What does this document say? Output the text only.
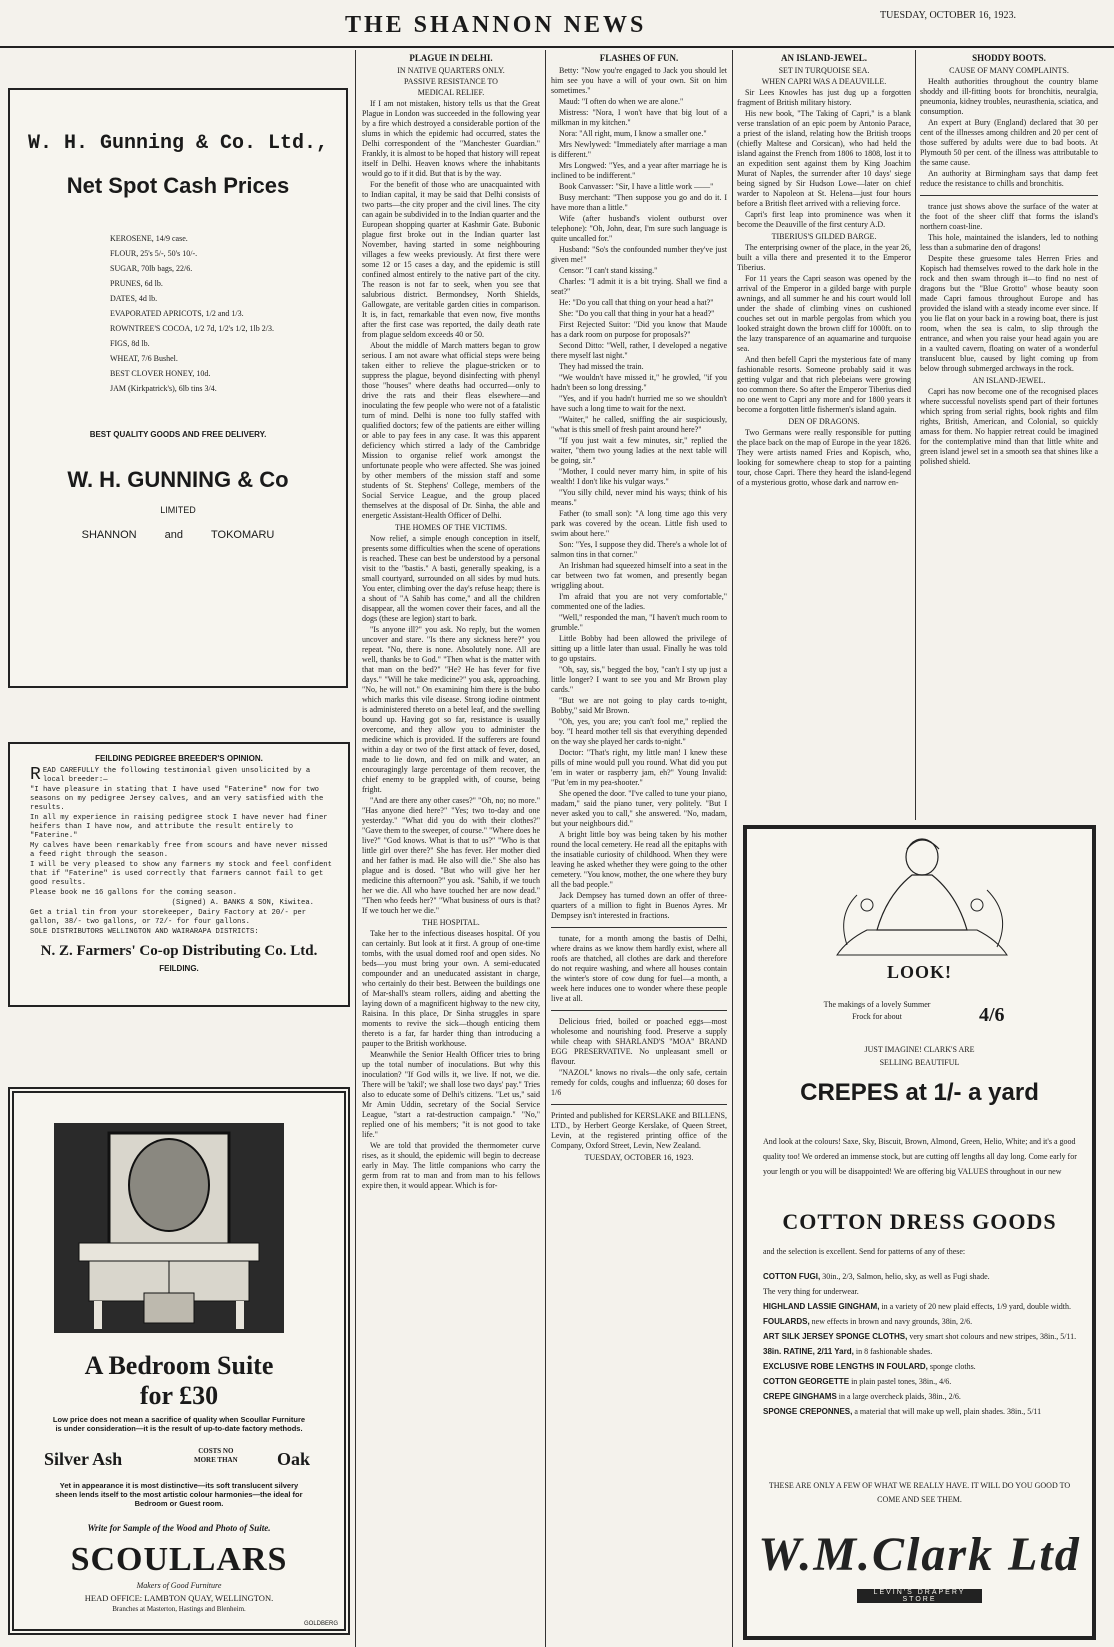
THE SHANNON NEWS	TUESDAY, OCTOBER 16, 1923.
W. H. Gunning & Co. Ltd.,
Net Spot Cash Prices
KEROSENE, 14/9 case.
FLOUR, 25's 5/-, 50's 10/-.
SUGAR, 70lb bags, 22/6.
PRUNES, 6d lb.
DATES, 4d lb.
EVAPORATED APRICOTS, 1/2 and 1/3.
ROWNTREE'S COCOA, 1/2 7d, 1/2's 1/2, 1lb 2/3.
FIGS, 8d lb.
WHEAT, 7/6 Bushel.
BEST CLOVER HONEY, 10d.
JAM (Kirkpatrick's), 6lb tins 3/4.
BEST QUALITY GOODS AND FREE DELIVERY.
W. H. GUNNING & Co
LIMITED
SHANNON	and	TOKOMARU
FEILDING PEDIGREE BREEDER'S OPINION.
READ CAREFULLY the following testimonial given unsolicited by a local breeder:—
"I have pleasure in stating that I have used "Faterine" now for two seasons on my pedigree Jersey calves, and am very satisfied with the results.
In all my experience in raising pedigree stock I have never had finer heifers than I have now, and attribute the result entirely to "Faterine."
My calves have been remarkably free from scours and have never missed a feed right through the season.
I will be very pleased to show any farmers my stock and feel confident that if "Faterine" is used correctly that farmers cannot fail to get good results.
Please book me 16 gallons for the coming season.
(Signed) A. BANKS & SON, Kiwitea.
Get a trial tin from your storekeeper, Dairy Factory at 20/- per gallon, 38/- two gallons, or 72/- for four gallons.
SOLE DISTRIBUTORS WELLINGTON AND WAIRARAPA DISTRICTS:
N. Z. Farmers' Co-op Distributing Co. Ltd.
FEILDING.
A Bedroom Suite
for £30
Low price does not mean a sacrifice of quality when Scoullar Furniture is under consideration—it is the result of up-to-date factory methods.
Silver Ash	COSTS NO
MORE THAN Oak
Yet in appearance it is most distinctive—its soft translucent silvery sheen lends itself to the most artistic colour harmonies—the ideal for Bedroom or Guest room.
Write for Sample of the Wood and Photo of Suite.
SCOULLARS
Makers of Good Furniture
HEAD OFFICE: LAMBTON QUAY, WELLINGTON.
Branches at Masterton, Hastings and Blenheim.
GOLDBERG
PLAGUE IN DELHI.
IN NATIVE QUARTERS ONLY.
PASSIVE RESISTANCE TO
MEDICAL RELIEF.

If I am not mistaken, history tells us that the Great Plague in London was succeeded in the following year by a fire which destroyed a considerable portion of the slums in which the epidemic had occurred, states the Delhi correspondent of the "Manchester Guardian." Frankly, it is almost to be hoped that history will repeat itself in Delhi. Heaven knows where the inhabitants would go to if it did. But that is by the way.

For the benefit of those who are unacquainted with to Indian capital, it may be said that Delhi consists of two parts—the city proper and the civil lines. The city can again be subdivided in to the Indian quarter and the European shopping quarter at Kashmir Gate. Bubonic plague first broke out in the Indian quarter last November, having started in some neighbouring villages a few weeks previously. At first there were some 12 or 15 cases a day, and the epidemic is still confined almost entirely to the native part of the city. The reason is not far to seek, when you see that salubrious district. Bermondsey, North Shields, Gallowgate, are veritable garden cities in comparison. It is, in fact, remarkable that even now, five months after the first case was reported, the daily death rate from plague seldom exceeds 40 or 50.

About the middle of March matters began to grow serious. I am not aware what official steps were being taken either to relieve the plague-stricken or to suppress the plague, beyond disinfecting with phenyl those "houses" where deaths had occurred—only to drive the rats and their fleas elsewhere—and inoculating the few people who were not of a fatalistic turn of mind. Delhi is none too fully staffed with qualified doctors; few of the patients are either willing or able to pay fees in any case. It was this apparent deficiency which stirred a lady of the Cambridge Mission to organise relief work amongst the unfortunate people who were affected. She was joined by other members of the mission staff and some students of St. Stephens' College, members of the Social Service League, and the group placed themselves at the disposal of Dr. Sinha, the able and energetic Assistant-Health Officer of Delhi.

THE HOMES OF THE VICTIMS.

Now relief, a simple enough conception in itself, presents some difficulties when the scene of operations is reached. These can best be understood by a personal visit to the "bastis." A basti, generally speaking, is a small courtyard, surrounded on all sides by mud huts. You enter, climbing over the day's refuse heap; there is a shout of "A Sahib has come," and all the children disappear, all the women cover their faces, and all the dogs (these are legion) start to bark.

"Is anyone ill?" you ask. No reply, but the women uncover and stare. "Is there any sickness here?" you repeat. "No, there is none. Absolutely none. All are well, thanks be to God." "Then what is the matter with that man on the bed?" "He? He has fever for five days." "Will he take medicine?" you ask, approaching. "No, he will not." On examining him there is the bubo which marks this vile disease. Strong iodine ointment is administered thereto on a betel leaf, and the swelling bound up. Having got so far, resistance is usually overcome, and they allow you to administer the medicine which is provided. If the sufferers are found within a day or two of the first attack of fever, dosed, made to lie down, and fed on milk and water, an encouragingly large percentage of them recover, the chief enemy to be grappled with, of course, being fright.

"And are there any other cases?" "Oh, no; no more." "Has anyone died here?" "Yes; two to-day and one yesterday." "What did you do with their clothes?" "Gave them to the sweeper, of course." "Where does he live?" "God knows. What is that to us?" "Who is that little girl over there?" She has fever. Her mother died and her father is mad. He also will die." She also has plague and is dosed. "But who will give her her medicine this afternoon?" you ask. "Sahib, if we touch her we die. All who have touched her are now dead." "Then who feeds her?" "What business of ours is that? If we touch her we die."

THE HOSPITAL.

Take her to the infectious diseases hospital. Of you can certainly. But look at it first. A group of one-time tombs, with the usual domed roof and open sides. No beds—you must bring your own. A semi-educated compounder and an uneducated assistant in charge, who certainly do their best. Between the buildings one of Mar-shall's steam rollers, aiding and abetting the laying down of a magnificent highway to the new city, Raisina. In this place, Dr Sinha struggles in spare moments to revive the sick—though enticing them thereto is a far, far harder thing than introducing a pauper to the British workhouse.

Meanwhile the Senior Health Officer tries to bring up the total number of inoculations. But why this inoculation? "If God wills it, we live. If not, we die. There will be 'takil'; we shall lose two days' pay." Tries also to educate some of Delhi's citizens. "Let us," said Mr Amin Uddin, secretary of the Social Service League, "start a rat-destruction campaign." "No," replied one of his members; "it is not good to take life."

We are told that provided the thermometer curve rises, as it should, the epidemic will begin to decrease early in May. The little companions who carry the germ from rat to man and from man to his fellows expire then, it would appear. Which is for-

FLASHES OF FUN.

Betty: "Now you're engaged to Jack you should let him see you have a will of your own. Sit on him sometimes."

Maud: "I often do when we are alone."

Mistress: "Nora, I won't have that big lout of a milkman in my kitchen."

Nora: "All right, mum, I know a smaller one."

Mrs Newlywed: "Immediately after marriage a man is different."

Mrs Longwed: "Yes, and a year after marriage he is inclined to be indifferent."

Book Canvasser: "Sir, I have a little work ——"

Busy merchant: "Then suppose you go and do it. I have more than a little."

Wife (after husband's violent outburst over telephone): "Oh, John, dear, I'm sure such language is quite uncalled for."

Husband: "So's the confounded number they've just given me!"

Censor: "I can't stand kissing."

Charles: "I admit it is a bit trying. Shall we find a seat?"

He: "Do you call that thing on your head a hat?"

She: "Do you call that thing in your hat a head?"

First Rejected Suitor: "Did you know that Maude has a dark room on purpose for proposals?"

Second Ditto: "Well, rather, I developed a negative there myself last night."

They had missed the train.

"We wouldn't have missed it," he growled, "if you hadn't been so long dressing."

"Yes, and if you hadn't hurried me so we shouldn't have such a long time to wait for the next.

"Waiter," he called, sniffing the air suspiciously, "what is this smell of fresh paint around here?"

"If you just wait a few minutes, sir," replied the waiter, "them two young ladies at the next table will be going, sir."

"Mother, I could never marry him, in spite of his wealth! I don't like his vulgar ways."

"You silly child, never mind his ways; think of his means."

Father (to small son): "A long time ago this very park was covered by the ocean. Little fish used to swim about here."

Son: "Yes, I suppose they did. There's a whole lot of salmon tins in that corner."

An Irishman had squeezed himself into a seat in the car between two fat women, and presently began wriggling about.

I'm afraid that you are not very comfortable," commented one of the ladies.

"Well," responded the man, "I haven't much room to grumble."

Little Bobby had been allowed the privilege of sitting up a little later than usual. Finally he was told to go upstairs.

"Oh, say, sis," begged the boy, "can't I sty up just a little longer? I want to see you and Mr Brown play cards."

"But we are not going to play cards to-night, Bobby," said Mr Brown.

"Oh, yes, you are; you can't fool me," replied the boy. "I heard mother tell sis that everything depended on the way she played her cards to-night."

Doctor: "That's right, my little man! I knew these pills of mine would pull you round. What did you put 'em in water or raspberry jam, eh?" Young Invalid: "Put 'em in my pea-shooter."

She opened the door. "I've called to tune your piano, madam," said the piano tuner, very politely. "But I never asked you to call," she answered. "No, madam, but your neighbours did."

A bright little boy was being taken by his mother round the local cemetery. He read all the epitaphs with the insatiable curiosity of childhood. When they were leaving he asked whether they were going to the other cemetery. "You know, mother, the one where they bury all the bad people."

Jack Dempsey has turned down an offer of three-quarters of a million to fight in Buenos Ayres. Mr Dempsey isn't interested in fractions.

tunate, for a month among the bastis of Delhi, where drains as we know them hardly exist, where all roofs are thatched, all clothes are dark and therefore do not require washing, and where all houses contain the winter's store of cow dung for fuel—a month, a week here induces one to wonder where these people live at all.

Delicious fried, boiled or poached eggs—most wholesome and nourishing food. Preserve a supply while cheap with SHARLAND'S "MOA" BRAND EGG PRESERVATIVE. No unpleasant smell or flavour.

"NAZOL" knows no rivals—the only safe, certain remedy for colds, coughs and influenza; 60 doses for 1/6

Printed and published for KERSLAKE and BILLENS, LTD., by Herbert George Kerslake, of Queen Street, Levin, at the registered printing office of the Company, Oxford Street, Levin, New Zealand.
TUESDAY, OCTOBER 16, 1923.
AN ISLAND-JEWEL.
SET IN TURQUOISE SEA.
WHEN CAPRI WAS A DEAUVILLE.

Sir Lees Knowles has just dug up a forgotten fragment of British military history.

His new book, "The Taking of Capri," is a blank verse translation of an epic poem by Antonio Parace, a priest of the island, relating how the British troops (chiefly Maltese and Corsican), who had held the island against the French from 1806 to 1808, lost it to an expedition sent against them by King Joachim Murat of Naples, the surrender after 10 days' siege being signed by Sir Hudson Lowe—later on chief warder to Napoleon at St. Helena—just four hours before a British fleet arrived with a relieving force.

Capri's first leap into prominence was when it become the Deauville of the first century A.D.

TIBERIUS'S GILDED BARGE.

The enterprising owner of the place, in the year 26, built a villa there and presented it to the Emperor Tiberius.

For 11 years the Capri season was opened by the arrival of the Emperor in a gilded barge with purple awnings, and all summer he and his court would loll under the shade of climbing vines on cushioned couches set out in marble pergolas from which you looked straight down the brown cliff for 1000ft. on to the lazy transparence of an aquamarine and turquoise sea.

And then befell Capri the mysterious fate of many fashionable resorts. Someone probably said it was getting vulgar and that rich plebeians were growing too common there. So after the Emperor Tiberius died no one went to Capri any more and for 1800 years it become a forgotten little fishermen's island again.

DEN OF DRAGONS.

Two Germans were really responsible for putting the place back on the map of Europe in the year 1826. They were artists named Fries and Kopisch, who, looking for somewhere cheap to stop for a painting tour, chose Capri. There they heard the island-legend of a mysterious grotto, whose dark and narrow en-

SHODDY BOOTS.
CAUSE OF MANY COMPLAINTS.

Health authorities throughout the country blame shoddy and ill-fitting boots for bronchitis, neuralgia, pneumonia, kidney troubles, neurasthenia, sciatica, and consumption.

An expert at Bury (England) declared that 30 per cent of the illnesses among children and 20 per cent of those suffered by adults were due to bad boots. At Plymouth 50 per cent. of the illness was attributable to the same cause.

An authority at Birmingham says that damp feet reduce the resistance to chills and bronchitis.

trance just shows above the surface of the water at the foot of the sheer cliff that forms the island's northern coast-line.

This hole, maintained the islanders, led to nothing less than a submarine den of dragons!

Despite these gruesome tales Herren Fries and Kopisch had themselves rowed to the dark hole in the rock and then swam through it—to find no nest of dragons but the "Blue Grotto" whose beauty soon made Capri famous throughout Europe and has provided the island with a steady income ever since. If you lie flat on your back in a rowing boat, there is just room, when the sea is calm, to slip through the entrance, and when you raise your head again you are in a vaulted cavern, floating on water of a wonderful translucent blue, caused by light coming up from below through submerged archways in the rock.

AN ISLAND-JEWEL.

Capri has now become one of the recognised places where successful novelists spend part of their fortunes which spring from serial rights, book rights and film rights, British, American, and Colonial, so quickly amass for them. No happier retreat could be imagined for the contemplative mind than that little white and green island jewel set in a smooth sea that shines like a polished shield.

LOOK!
The makings of a lovely Summer
Frock for about	4/6
JUST IMAGINE! CLARK'S ARE
SELLING BEAUTIFUL
CREPES at 1/- a yard
And look at the colours! Saxe, Sky, Biscuit, Brown, Almond, Green, Helio, White; and it's a good quality too! We ordered an immense stock, but are cutting off lengths all day long. Come early for your length or you will be disappointed! We are offering big VALUES throughout in our new
COTTON DRESS GOODS
and the selection is excellent. Send for patterns of any of these:
COTTON FUGI, 30in., 2/3, Salmon, helio, sky, as well as Fugi shade.
The very thing for underwear.
HIGHLAND LASSIE GINGHAM, in a variety of 20 new plaid effects, 1/9 yard, double width.
FOULARDS, new effects in brown and navy grounds, 38in, 2/6.
ART SILK JERSEY SPONGE CLOTHS, very smart shot colours and new stripes, 38in., 5/11.
38in. RATINE, 2/11 Yard, in 8 fashionable shades.
EXCLUSIVE ROBE LENGTHS IN FOULARD, sponge cloths.
COTTON GEORGETTE in plain pastel tones, 38in., 4/6.
CREPE GINGHAMS in a large overcheck plaids, 38in., 2/6.
SPONGE CREPONNES, a material that will make up well, plain shades. 38in., 5/11
THESE ARE ONLY A FEW OF WHAT WE REALLY HAVE. IT WILL DO YOU GOOD TO COME AND SEE THEM.
W.M.Clark Ltd
LEVIN'S DRAPERY STORE
